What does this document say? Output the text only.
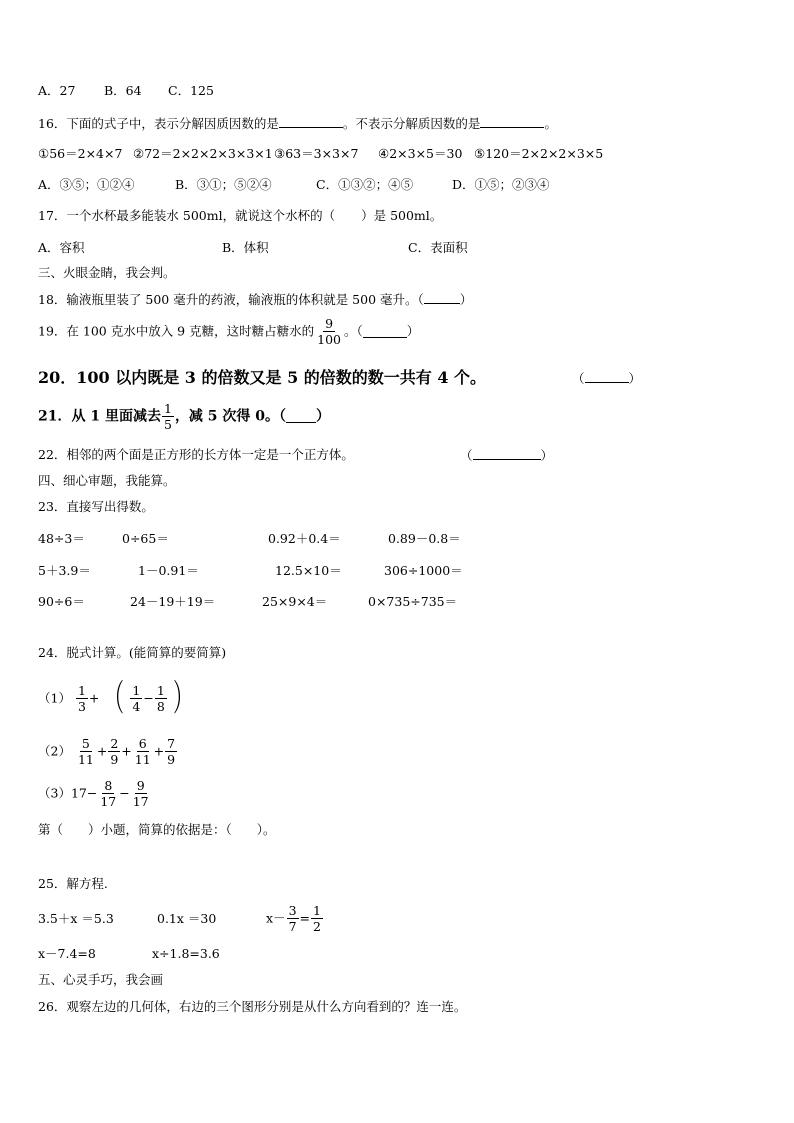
A．27 B．64 C．125
16．下面的式子中，表示分解因质因数的是	。不表示分解质因数的是	。
①56＝2×4×7 ②72＝2×2×2×3×3×1 ③63＝3×3×7 ④2×3×5＝30 ⑤120＝2×2×2×3×5
A．③⑤；①②④	B．③①；⑤②④	C．①③②；④⑤	D．①⑤；②③④
17．一个水杯最多能装水 500ml，就说这个水杯的（ ）是 500ml。
A．容积	B．体积	C．表面积
三、火眼金睛，我会判。
18．输液瓶里装了 500 毫升的药液，输液瓶的体积就是 500 毫升。（	）
19．在 100 克水中放入 9 克糖，这时糖占糖水的 $\frac{9}{100}$ 。（	）
20．100 以内既是 3 的倍数又是 5 的倍数的数一共有 4 个。	（	）
21．从 1 里面减去 $\frac{1}{5}$ ，减 5 次得 0。（ ）
22．相邻的两个面是正方形的长方体一定是一个正方体。	（	）
四、细心审题，我能算。
23．直接写出得数。
48÷3＝	0÷65＝	0.92＋0.4＝	0.89－0.8＝
5＋3.9＝	1－0.91＝	12.5×10＝	306÷1000＝
90÷6＝	24－19＋19＝	25×9×4＝	0×735÷735＝
24．脱式计算。(能简算的要简算)
$(1) \frac{1}{3}$ + （ $\frac{1}{4} - \frac{1}{8}$ ）
$(2) \frac{5}{11} + \frac{2}{9} + \frac{6}{11} + \frac{7}{9}$
$(3)17- \frac{8}{17} - \frac{9}{17}$
第（　　）小题，简算的依据是：（　　）。
25．解方程.
3.5＋x ＝5.3	0.1x ＝30	$x- \frac{3}{7} = \frac{1}{2}$
x－7.4=8	x÷1.8=3.6
五、心灵手巧，我会画
26．观察左边的几何体，右边的三个图形分别是从什么方向看到的？连一连。
